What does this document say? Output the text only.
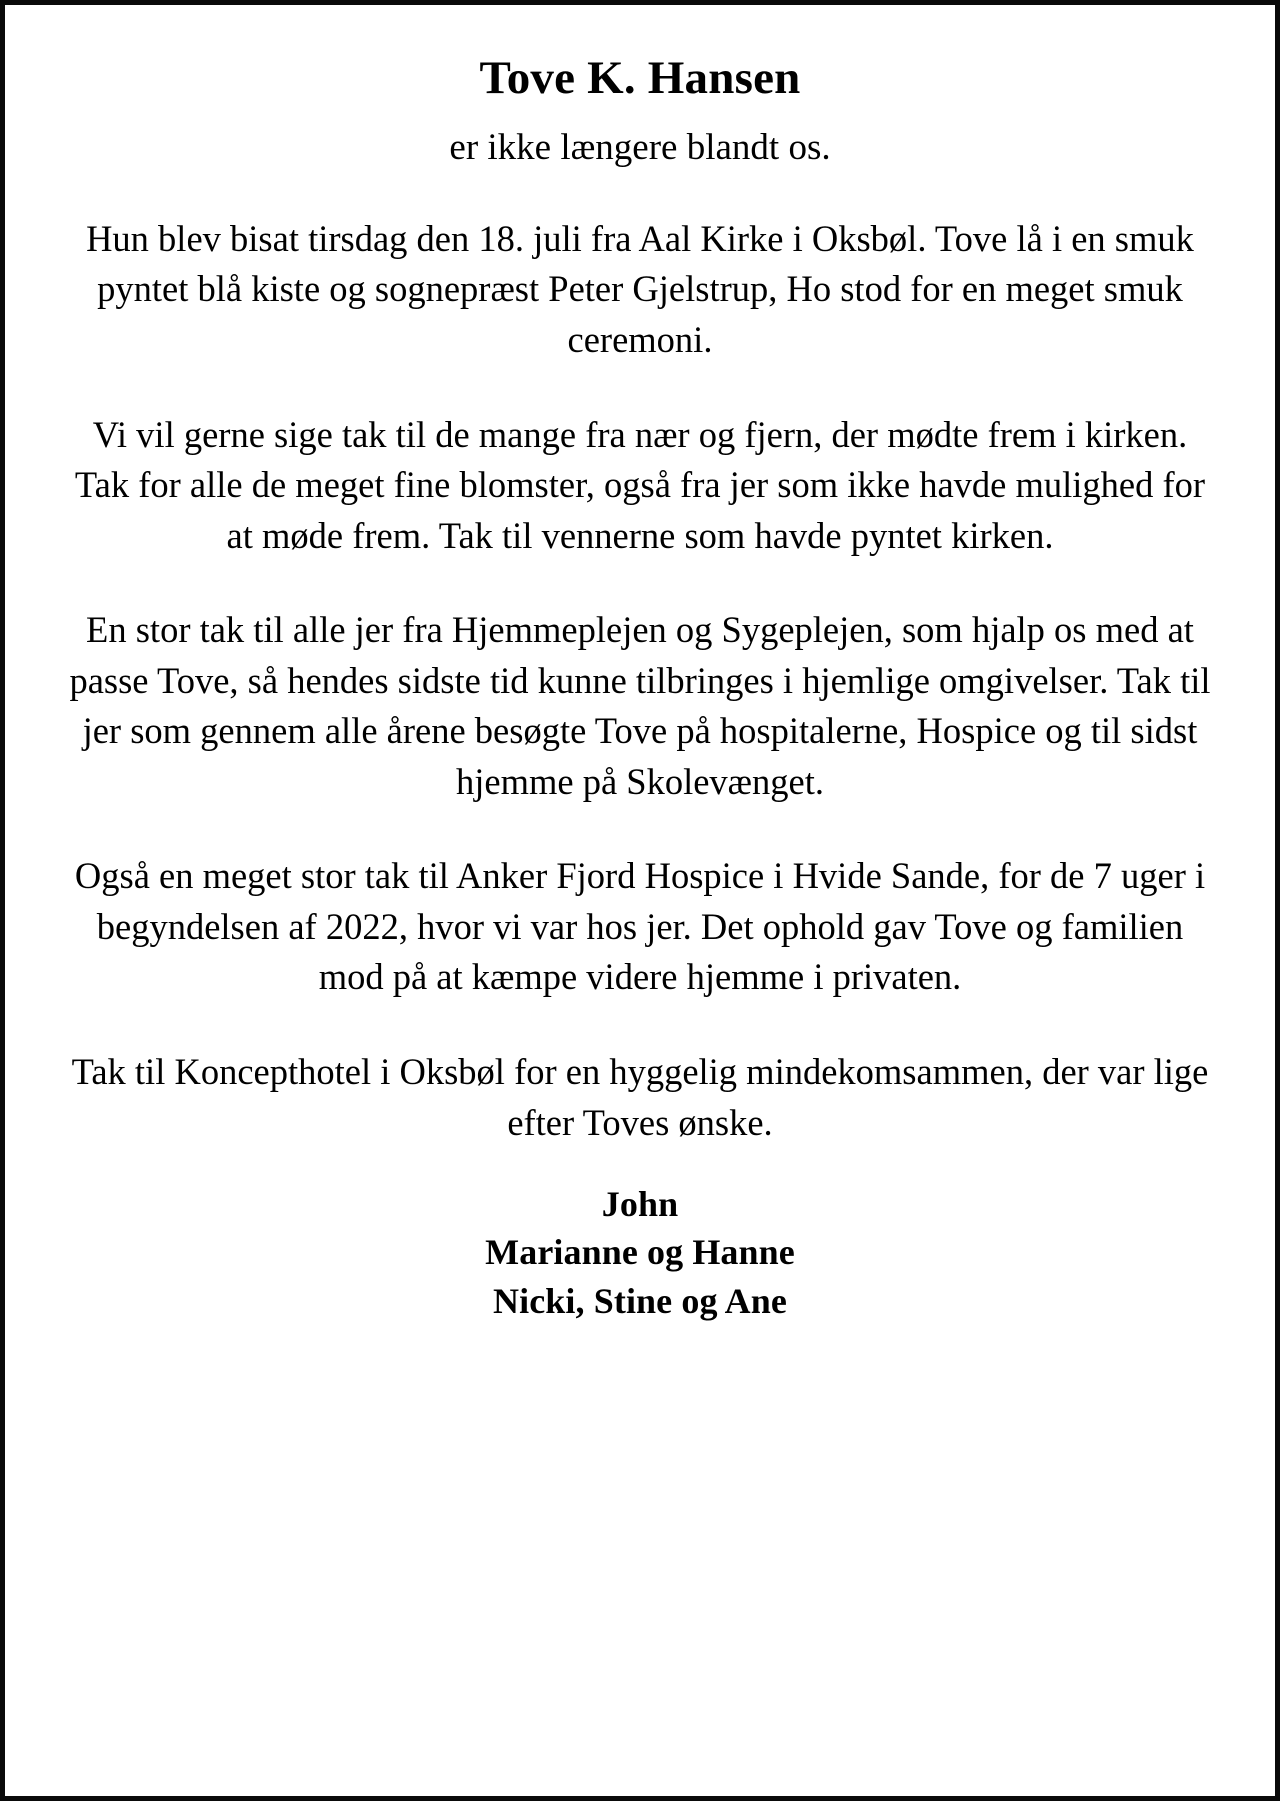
Tove K. Hansen

er ikke længere blandt os.

Hun blev bisat tirsdag den 18. juli fra Aal Kirke i Oksbøl. Tove lå i en smuk pyntet blå kiste og sognepræst Peter Gjelstrup, Ho stod for en meget smuk ceremoni.

Vi vil gerne sige tak til de mange fra nær og fjern, der mødte frem i kirken. Tak for alle de meget fine blomster, også fra jer som ikke havde mulighed for at møde frem. Tak til vennerne som havde pyntet kirken.

En stor tak til alle jer fra Hjemmeplejen og Sygeplejen, som hjalp os med at passe Tove, så hendes sidste tid kunne tilbringes i hjemlige omgivelser. Tak til jer som gennem alle årene besøgte Tove på hospitalerne, Hospice og til sidst hjemme på Skolevænget.

Også en meget stor tak til Anker Fjord Hospice i Hvide Sande, for de 7 uger i begyndelsen af 2022, hvor vi var hos jer. Det ophold gav Tove og familien mod på at kæmpe videre hjemme i privaten.

Tak til Koncepthotel i Oksbøl for en hyggelig mindekomsammen, der var lige efter Toves ønske.

John
Marianne og Hanne
Nicki, Stine og Ane
